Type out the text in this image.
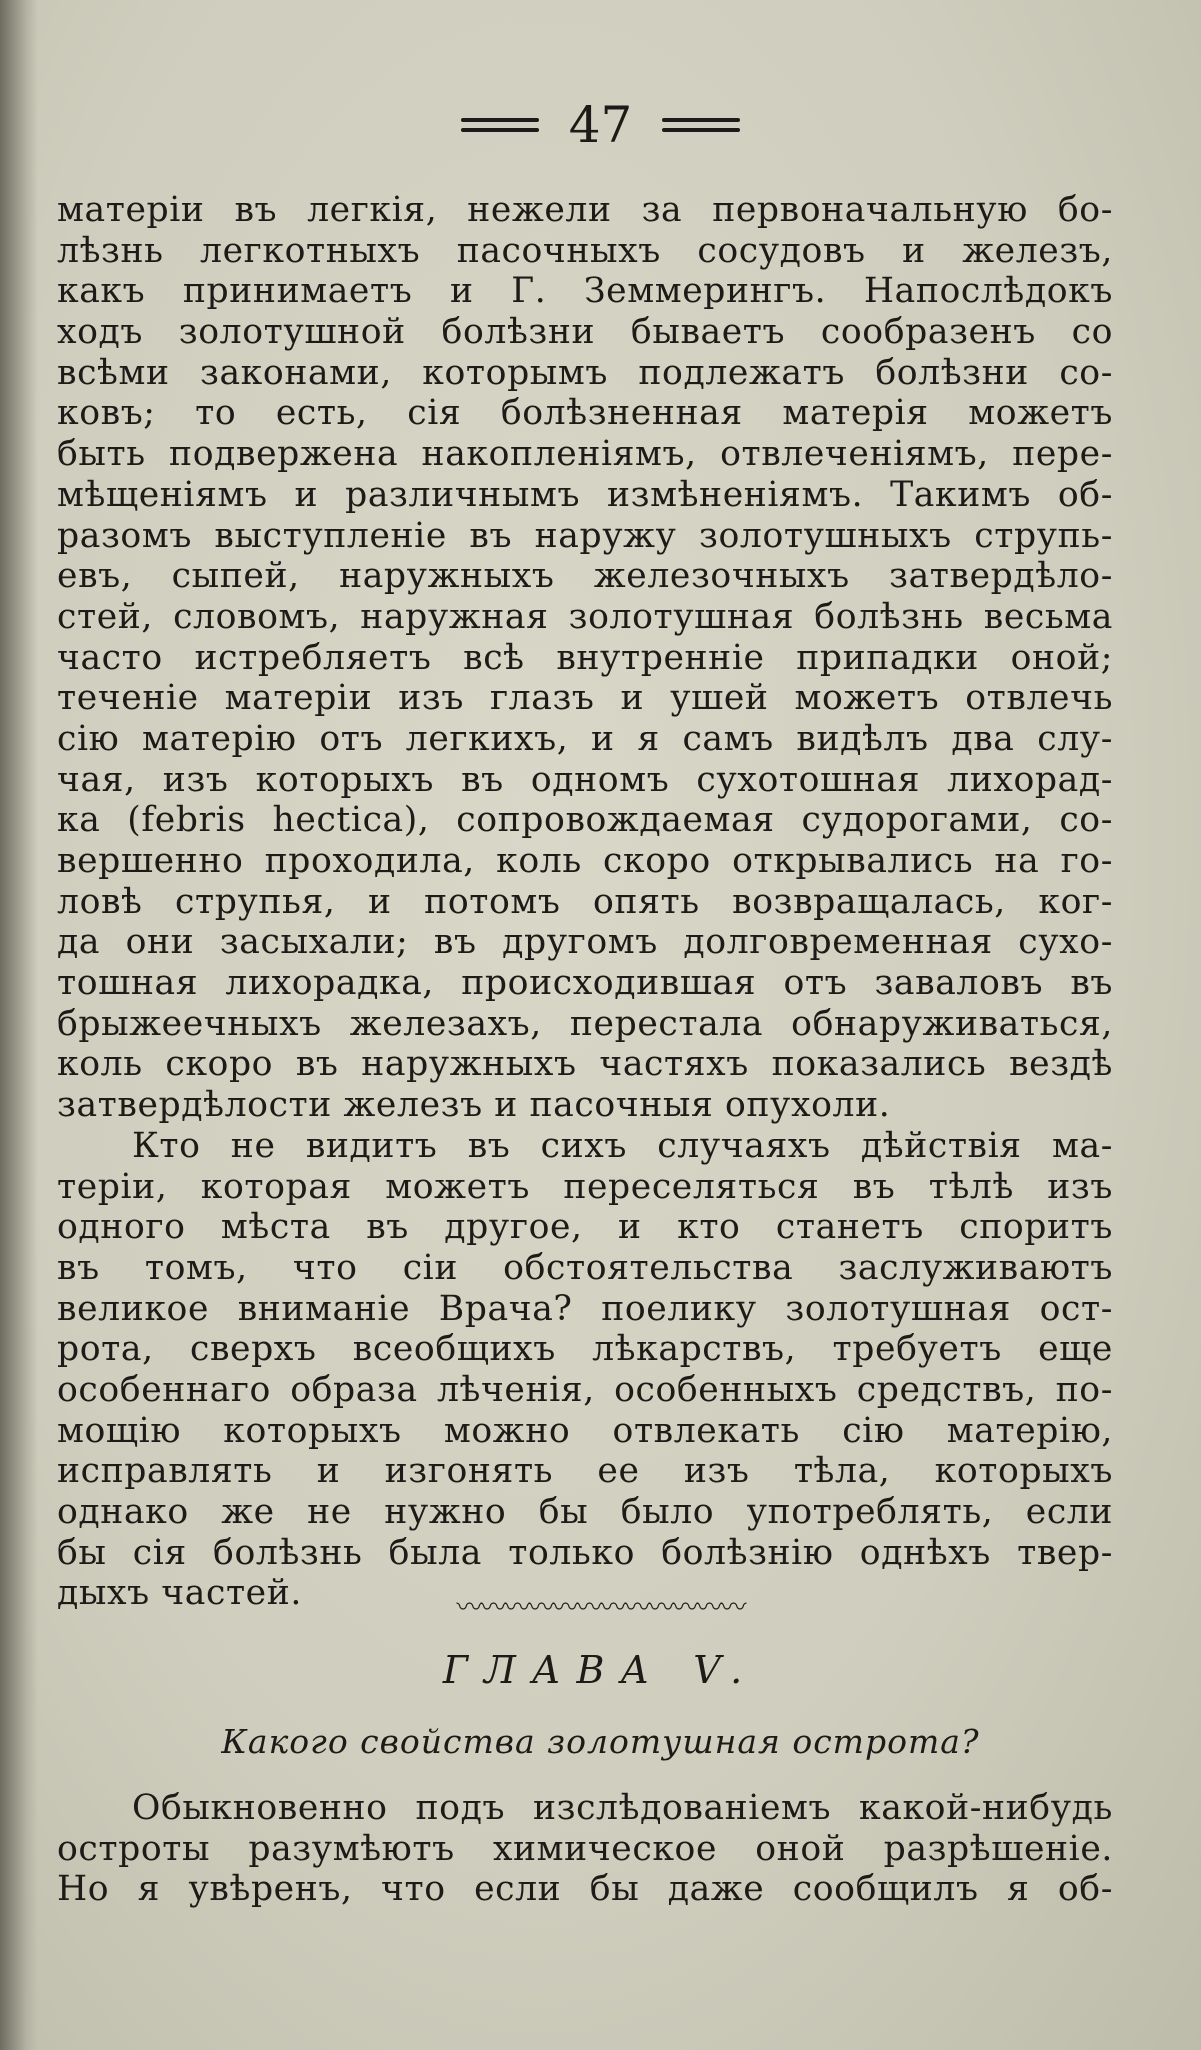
47
матеріи въ легкія, нежели за первоначальную бо-
лѣзнь легкотныхъ пасочныхъ сосудовъ и железъ,
какъ принимаетъ и Г. Земмерингъ. Напослѣдокъ
ходъ золотушной болѣзни бываетъ сообразенъ со
всѣми законами, которымъ подлежатъ болѣзни со-
ковъ; то есть, сія болѣзненная матерія можетъ
быть подвержена накопленіямъ, отвлеченіямъ, пере-
мѣщеніямъ и различнымъ измѣненіямъ. Такимъ об-
разомъ выступленіе въ наружу золотушныхъ струпь-
евъ, сыпей, наружныхъ железочныхъ затвердѣло-
стей, словомъ, наружная золотушная болѣзнь весьма
часто истребляетъ всѣ внутренніе припадки оной;
теченіе матеріи изъ глазъ и ушей можетъ отвлечь
сію матерію отъ легкихъ, и я самъ видѣлъ два слу-
чая, изъ которыхъ въ одномъ сухотошная лихорад-
ка (febris hectica), сопровождаемая судорогами, со-
вершенно проходила, коль скоро открывались на го-
ловѣ струпья, и потомъ опять возвращалась, ког-
да они засыхали; въ другомъ долговременная сухо-
тошная лихорадка, происходившая отъ заваловъ въ
брыжеечныхъ железахъ, перестала обнаруживаться,
коль скоро въ наружныхъ частяхъ показались вездѣ
затвердѣлости железъ и пасочныя опухоли.
Кто не видитъ въ сихъ случаяхъ дѣйствія ма-
теріи, которая можетъ переселяться въ тѣлѣ изъ
одного мѣста въ другое, и кто станетъ споритъ
въ томъ, что сіи обстоятельства заслуживаютъ
великое вниманіе Врача? поелику золотушная ост-
рота, сверхъ всеобщихъ лѣкарствъ, требуетъ еще
особеннаго образа лѣченія, особенныхъ средствъ, по-
мощію которыхъ можно отвлекать сію матерію,
исправлять и изгонять ее изъ тѣла, которыхъ
однако же не нужно бы было употреблять, если
бы сія болѣзнь была только болѣзнію однѣхъ твер-
дыхъ частей.	〰〰〰〰〰〰〰〰〰〰〰〰
ГЛАВА V.
Какого свойства золотушная острота?
Обыкновенно подъ изслѣдованіемъ какой-нибудь
остроты разумѣютъ химическое оной разрѣшеніе.
Но я увѣренъ, что если бы даже сообщилъ я об-
